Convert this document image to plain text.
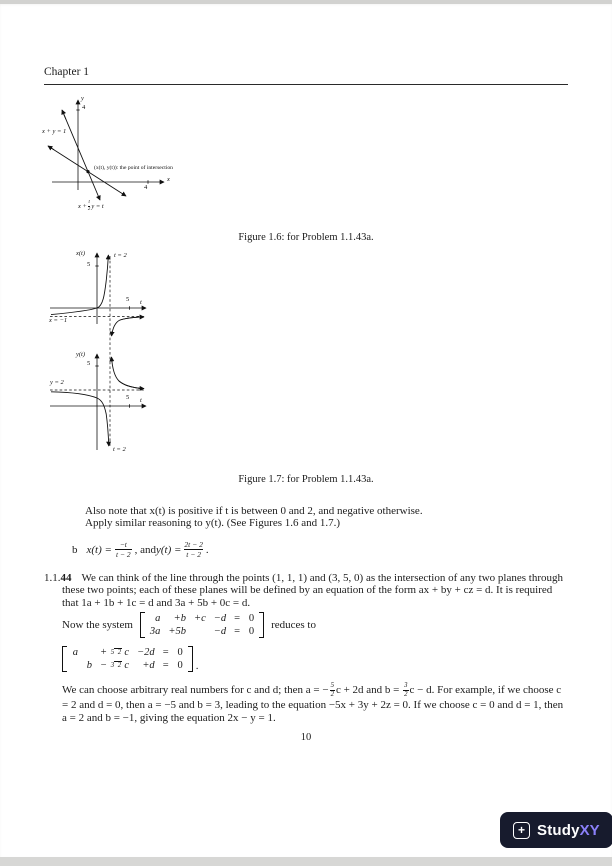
Chapter 1
y
4
x + y = 1
(x(t), y(t)): the point of intersection
4
x
$x + \frac{t}{2}$ y = t
Figure 1.6: for Problem 1.1.43a.
x(t)
5
t = 2
5 t
x = −1
y(t)
5
y = 2
5 t
t = 2
Figure 1.7: for Problem 1.1.43a.
Also note that x(t) is positive if t is between 0 and 2, and negative otherwise.
Apply similar reasoning to y(t). (See Figures 1.6 and 1.7.)
b $x(t) = \frac{-t}{t - 2}$ , and $y(t) = \frac{2t - 2}{t - 2}$ .
1.1.44 We can think of the line through the points (1, 1, 1) and (3, 5, 0) as the intersection of any two planes through these two points; each of these planes will be defined by an equation of the form ax + by + cz = d. It is required that 1a + 1b + 1c = d and 3a + 5b + 0c = d.
Now the system
a	+b +c −d = 0
3a +5b	−d = 0
reduces to
a + 5 2 c −2d = 0
b − 3 2 c	+d = 0 .
We can choose arbitrary real numbers for c and d; then a = − $\frac{5}{2}$ c + 2d and $b = \frac{3}{2}$ c − d. For example, if we choose c = 2 and d = 0, then a = −5 and b = 3, leading to the equation −5x + 3y + 2z = 0. If we choose c = 0 and d = 1, then a = 2 and b = −1, giving the equation 2x − y = 1.
10
+ Study XY
